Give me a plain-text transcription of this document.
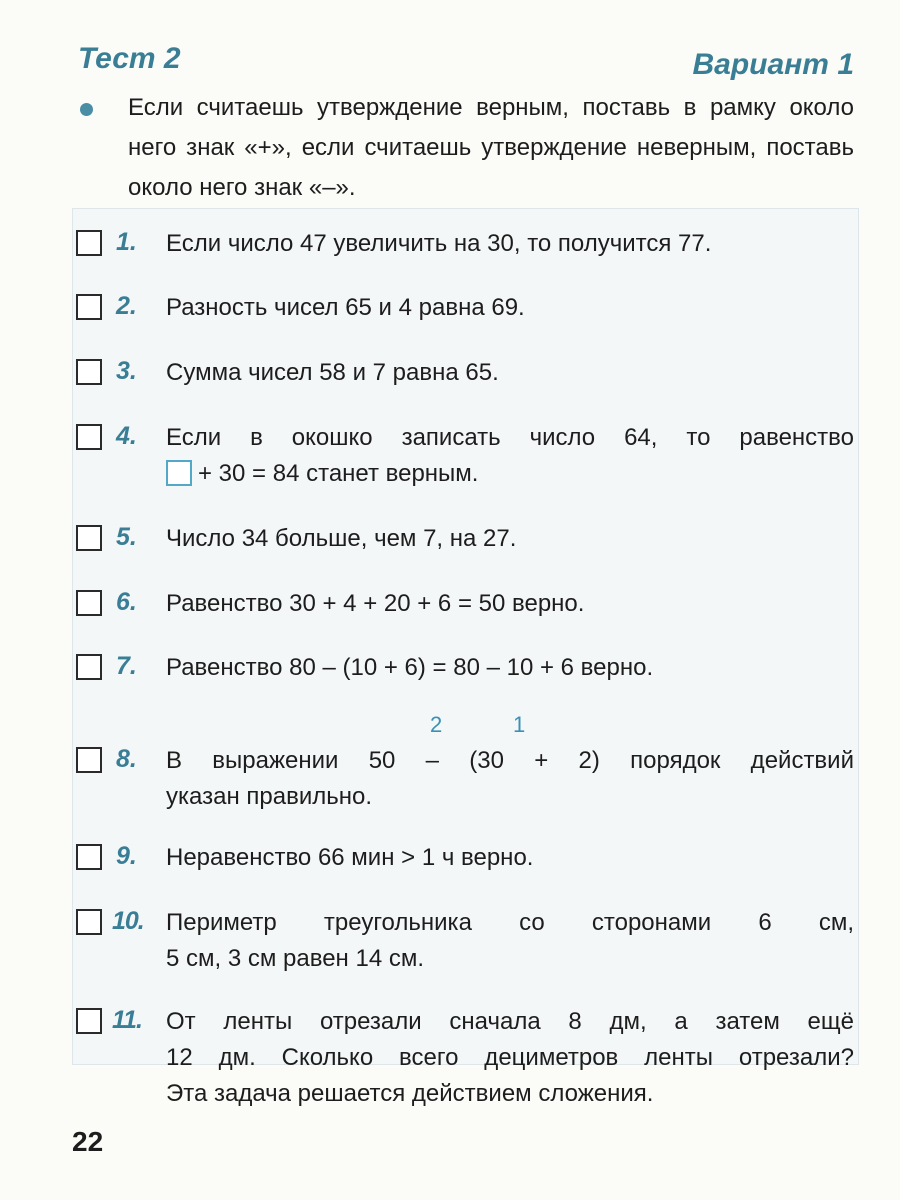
Тест 2	Вариант 1
Если считаешь утверждение верным, поставь в рамку около него знак «+», если считаешь утверждение неверным, поставь около него знак «–».
1. Если число 47 увеличить на 30, то получится 77.
2. Разность чисел 65 и 4 равна 69.
3. Сумма чисел 58 и 7 равна 65.
4. Если в окошко записать число 64, то равенство
+ 30 = 84 станет верным.
5. Число 34 больше, чем 7, на 27.
6. Равенство 30 + 4 + 20 + 6 = 50 верно.
7. Равенство 80 – (10 + 6) = 80 – 10 + 6 верно.
2	1
8. В выражении 50 – (30 + 2) порядок действий
указан правильно.
9. Неравенство 66 мин > 1 ч верно.
10. Периметр треугольника со сторонами 6 см,
5 см, 3 см равен 14 см.
11. От ленты отрезали сначала 8 дм, а затем ещё
12 дм. Сколько всего дециметров ленты отрезали?
Эта задача решается действием сложения.
22
